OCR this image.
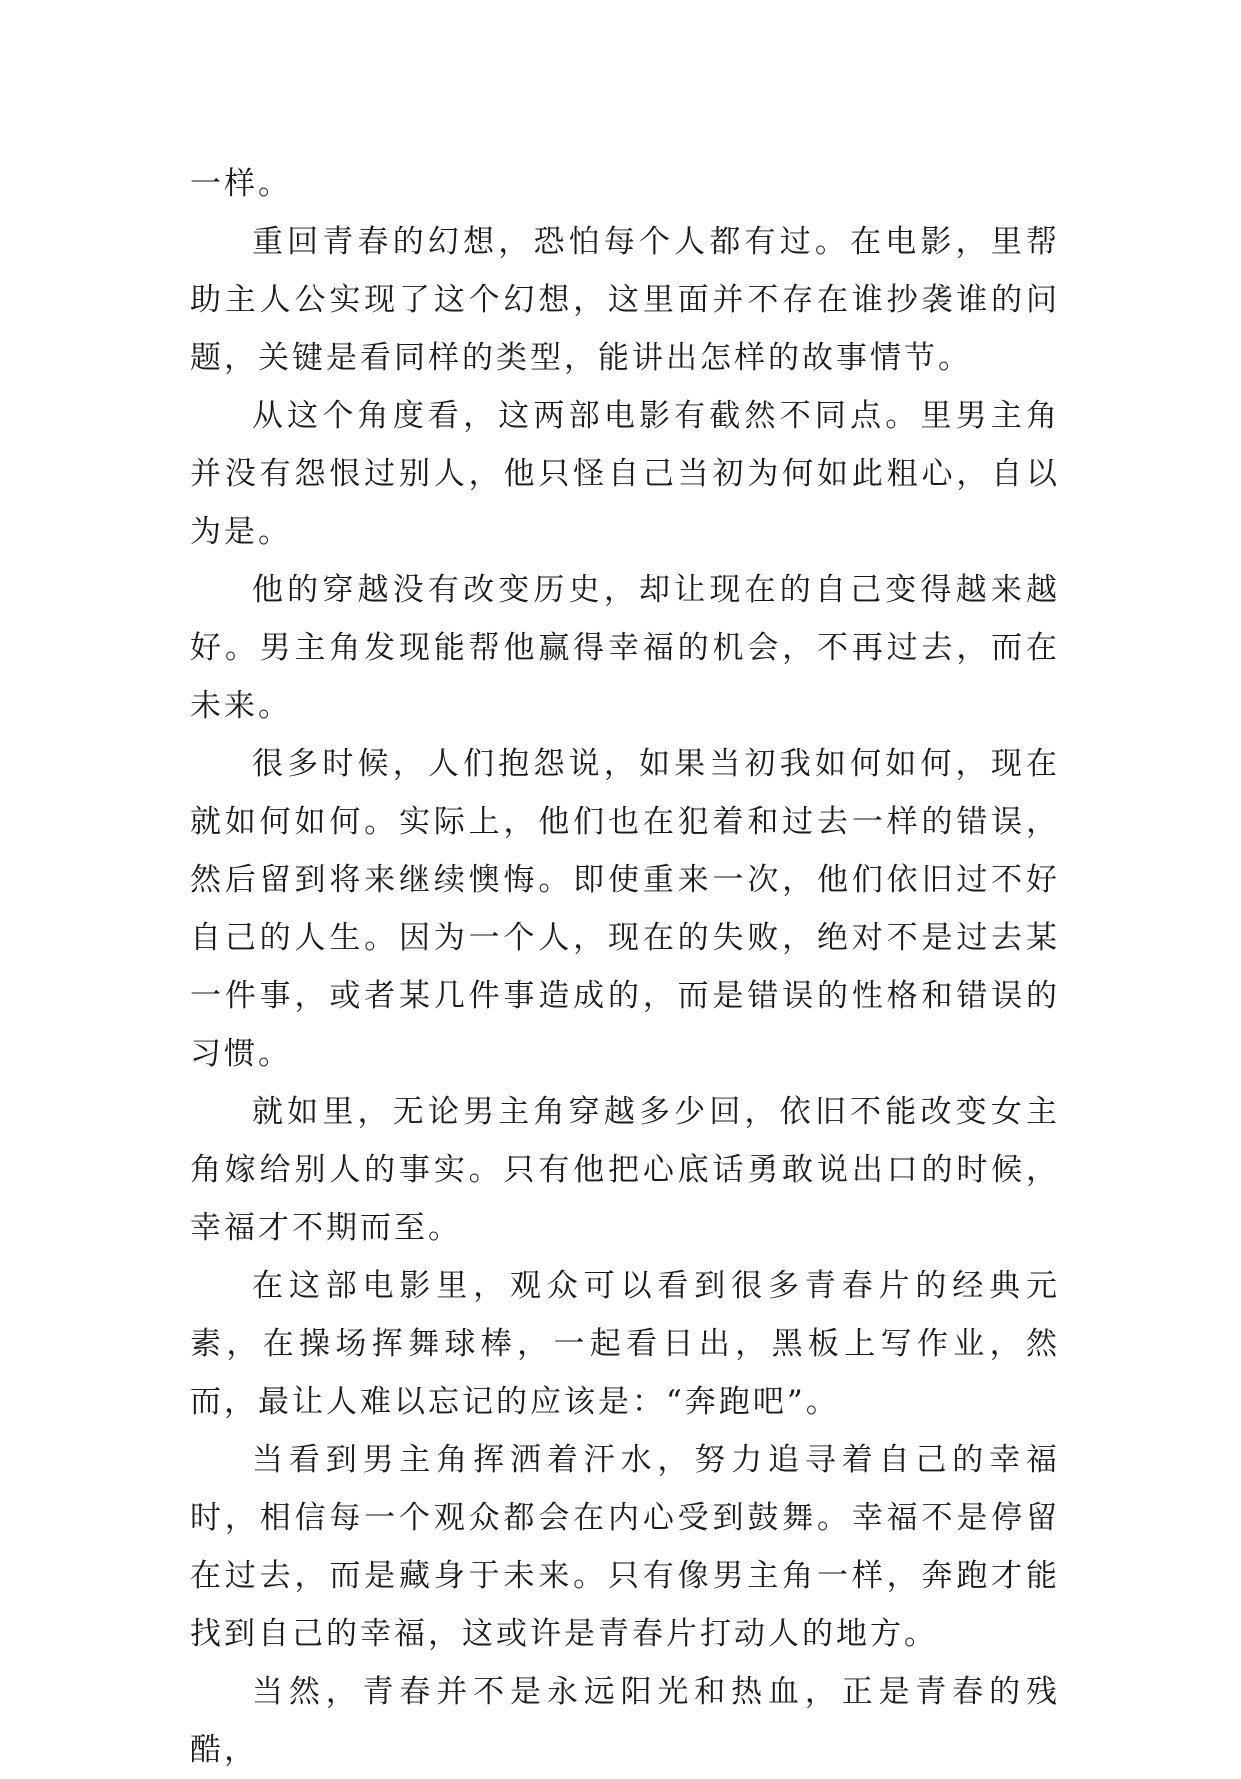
一样。

重回青春的幻想，恐怕每个人都有过。在电影，里帮助主人公实现了这个幻想，这里面并不存在谁抄袭谁的问题，关键是看同样的类型，能讲出怎样的故事情节。

从这个角度看，这两部电影有截然不同点。里男主角并没有怨恨过别人，他只怪自己当初为何如此粗心，自以为是。

他的穿越没有改变历史，却让现在的自己变得越来越好。男主角发现能帮他赢得幸福的机会，不再过去，而在未来。

很多时候，人们抱怨说，如果当初我如何如何，现在就如何如何。实际上，他们也在犯着和过去一样的错误，然后留到将来继续懊悔。即使重来一次，他们依旧过不好自己的人生。因为一个人，现在的失败，绝对不是过去某一件事，或者某几件事造成的，而是错误的性格和错误的习惯。

就如里，无论男主角穿越多少回，依旧不能改变女主角嫁给别人的事实。只有他把心底话勇敢说出口的时候，幸福才不期而至。

在这部电影里，观众可以看到很多青春片的经典元素，在操场挥舞球棒，一起看日出，黑板上写作业，然而，最让人难以忘记的应该是：“奔跑吧”。

当看到男主角挥洒着汗水，努力追寻着自己的幸福时，相信每一个观众都会在内心受到鼓舞。幸福不是停留在过去，而是藏身于未来。只有像男主角一样，奔跑才能找到自己的幸福，这或许是青春片打动人的地方。

当然，青春并不是永远阳光和热血，正是青春的残酷，
